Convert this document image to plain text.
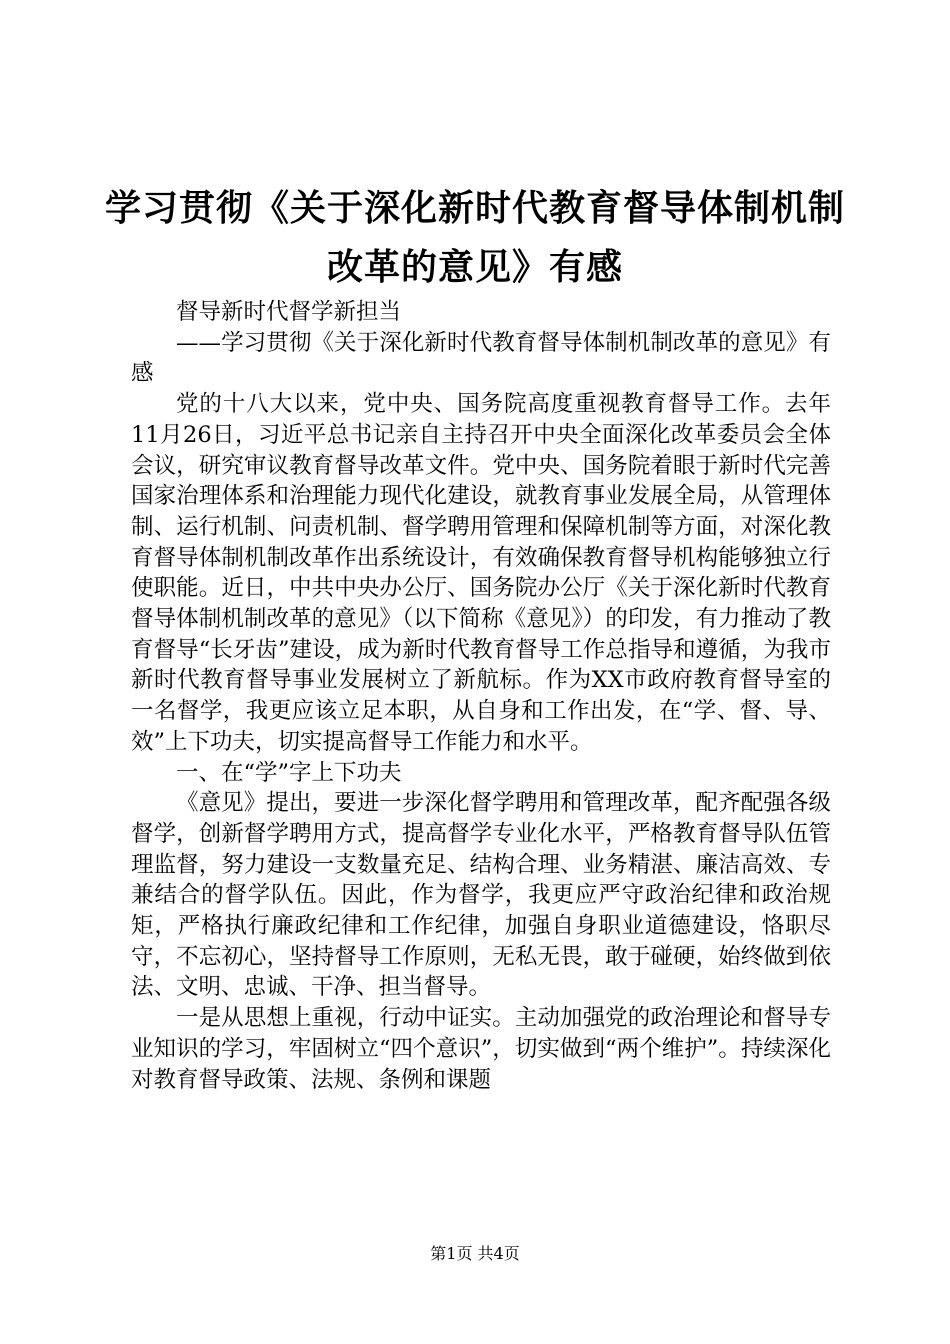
学习贯彻《关于深化新时代教育督导体制机制
改革的意见》有感

督导新时代督学新担当

——学习贯彻《关于深化新时代教育督导体制机制改革的意见》有感

党的十八大以来，党中央、国务院高度重视教育督导工作。去年11月26日，习近平总书记亲自主持召开中央全面深化改革委员会全体会议，研究审议教育督导改革文件。党中央、国务院着眼于新时代完善国家治理体系和治理能力现代化建设，就教育事业发展全局，从管理体制、运行机制、问责机制、督学聘用管理和保障机制等方面，对深化教育督导体制机制改革作出系统设计，有效确保教育督导机构能够独立行使职能。近日，中共中央办公厅、国务院办公厅《关于深化新时代教育督导体制机制改革的意见》（以下简称《意见》）的印发，有力推动了教育督导“长牙齿”建设，成为新时代教育督导工作总指导和遵循，为我市新时代教育督导事业发展树立了新航标。作为XX市政府教育督导室的一名督学，我更应该立足本职，从自身和工作出发，在“学、督、导、效”上下功夫，切实提高督导工作能力和水平。

一、在“学”字上下功夫

《意见》提出，要进一步深化督学聘用和管理改革，配齐配强各级督学，创新督学聘用方式，提高督学专业化水平，严格教育督导队伍管理监督，努力建设一支数量充足、结构合理、业务精湛、廉洁高效、专兼结合的督学队伍。因此，作为督学，我更应严守政治纪律和政治规矩，严格执行廉政纪律和工作纪律，加强自身职业道德建设，恪职尽守，不忘初心，坚持督导工作原则，无私无畏，敢于碰硬，始终做到依法、文明、忠诚、干净、担当督导。

一是从思想上重视，行动中证实。主动加强党的政治理论和督导专业知识的学习，牢固树立“四个意识”，切实做到“两个维护”。持续深化对教育督导政策、法规、条例和课题

第1页 共4页
